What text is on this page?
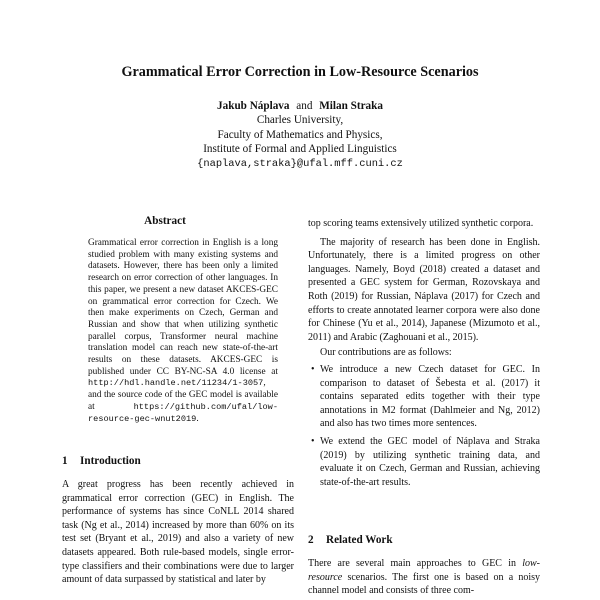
Grammatical Error Correction in Low-Resource Scenarios
Jakub Náplava and Milan Straka
Charles University,
Faculty of Mathematics and Physics,
Institute of Formal and Applied Linguistics
{naplava,straka}@ufal.mff.cuni.cz
Abstract
Grammatical error correction in English is a long studied problem with many existing systems and datasets. However, there has been only a limited research on error correction of other languages. In this paper, we present a new dataset AKCES-GEC on grammatical error correction for Czech. We then make experiments on Czech, German and Russian and show that when utilizing synthetic parallel corpus, Transformer neural machine translation model can reach new state-of-the-art results on these datasets. AKCES-GEC is published under CC BY-NC-SA 4.0 license at http://hdl.handle.net/11234/1-3057, and the source code of the GEC model is available at	https://github.com/ufal/low-resource-gec-wnut2019.
1 Introduction

A great progress has been recently achieved in grammatical error correction (GEC) in English. The performance of systems has since CoNLL 2014 shared task (Ng et al., 2014) increased by more than 60% on its test set (Bryant et al., 2019) and also a variety of new datasets appeared. Both rule-based models, single error-type classifiers and their combinations were due to larger amount of data surpassed by statistical and later by

top scoring teams extensively utilized synthetic corpora.

The majority of research has been done in English. Unfortunately, there is a limited progress on other languages. Namely, Boyd (2018) created a dataset and presented a GEC system for German, Rozovskaya and Roth (2019) for Russian, Náplava (2017) for Czech and efforts to create annotated learner corpora were also done for Chinese (Yu et al., 2014), Japanese (Mizumoto et al., 2011) and Arabic (Zaghouani et al., 2015).

Our contributions are as follows:

• We introduce a new Czech dataset for GEC. In comparison to dataset of Šebesta et al. (2017) it contains separated edits together with their type annotations in M2 format (Dahlmeier and Ng, 2012) and also has two times more sentences.
• We extend the GEC model of Náplava and Straka (2019) by utilizing synthetic training data, and evaluate it on Czech, German and Russian, achieving state-of-the-art results.
2 Related Work

There are several main approaches to GEC in low-resource scenarios. The first one is based on a noisy channel model and consists of three com-
